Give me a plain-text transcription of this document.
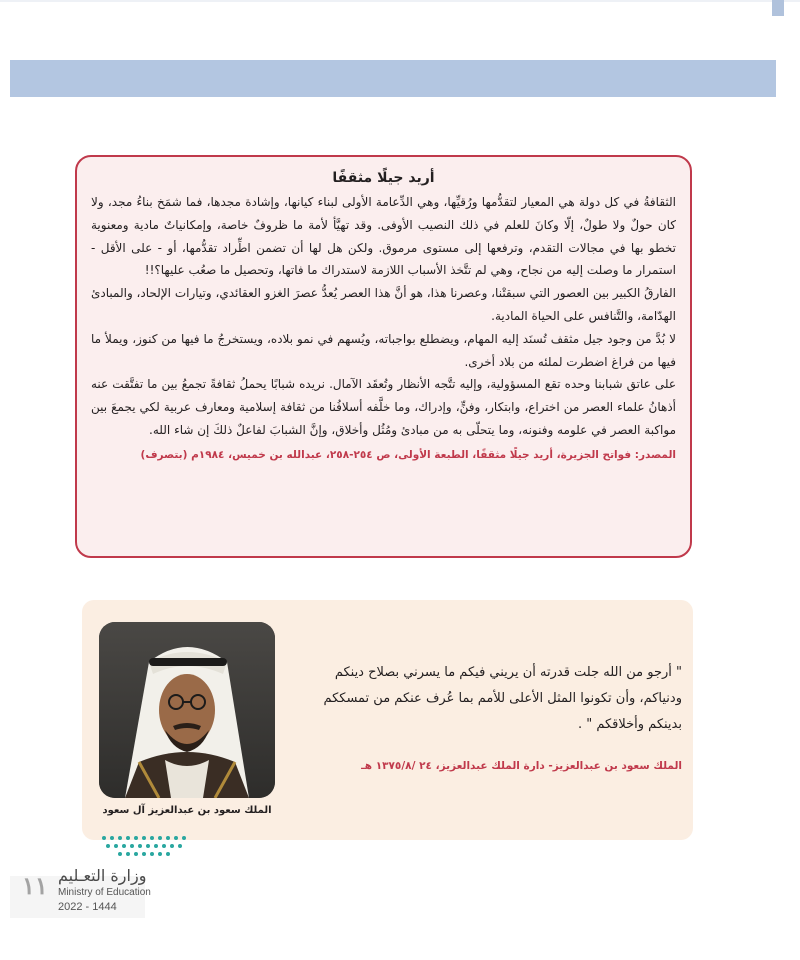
أريد جيلًا مثقفًا

الثقافةُ في كل دولة هي المعيار لتقدُّمها ورُقيِّها، وهي الدِّعامة الأولى لبناء كيانها، وإشادة مجدها، فما شمَخ بناءُ مجد، ولا كان حولٌ ولا طولٌ، إلّا وكانَ للعلم في ذلك النصيب الأوفى. وقد تهيَّأ لأمة ما ظروفٌ خاصة، وإمكانياتٌ مادية ومعنوية تخطو بها في مجالات التقدم، وترفعها إلى مستوى مرموق. ولكن هل لها أن تضمن اطِّراد تقدُّمها، أو - على الأقل - استمرار ما وصلت إليه من نجاح، وهي لم تتَّخذ الأسباب اللازمة لاستدراك ما فاتها، وتحصيل ما صعُب عليها؟!!

الفارقُ الكبير بين العصور التي سبقتْنا، وعصرنا هذا، هو أنَّ هذا العصر يُعدُّ عصرَ الغزو العقائدي، وتيارات الإلحاد، والمبادئ الهدّامة، والتَّنافس على الحياة المادية.

لا بُدَّ من وجود جيل مثقف تُسنَد إليه المهام، ويضطلع بواجباته، ويُسهم في نمو بلاده، ويستخرجُ ما فيها من كنوز، ويملأ ما فيها من فراغ اضطرت لملئه من بلاد أخرى.

على عاتق شبابنا وحده تقع المسؤولية، وإليه تتَّجه الأنظار وتُعقَد الآمال. نريده شبابًا يحملُ ثقافةً تجمعُ بين ما تفتَّقت عنه أذهانُ علماء العصر من اختراع، وابتكار، وفنٍّ، وإدراك، وما خلَّفه أسلافُنا من ثقافة إسلامية ومعارف عربية لكي يجمعَ بين مواكبة العصر في علومه وفنونه، وما يتحلّى به من مبادئ ومُثُل وأخلاق، وإنَّ الشبابَ لفاعلٌ ذلكَ إن شاء الله.

المصدر: فواتح الجزيرة، أريد جيلًا مثقفًا، الطبعة الأولى، ص ٢٥٤-٢٥٨، عبدالله بن خميس، ١٩٨٤م (بتصرف)
الملك سعود بن عبدالعزيز آل سعود
" أرجو من الله جلت قدرته أن يريني فيكم ما يسرني بصلاح دينكم ودنياكم، وأن تكونوا المثل الأعلى للأمم بما عُرف عنكم من تمسككم بدينكم وأخلاقكم " .
الملك سعود بن عبدالعزيز- دارة الملك عبدالعزيز، ٢٤ /١٣٧٥/٨ هـ
١١ وزارة التعـليم
Ministry of Education
2022 - 1444
